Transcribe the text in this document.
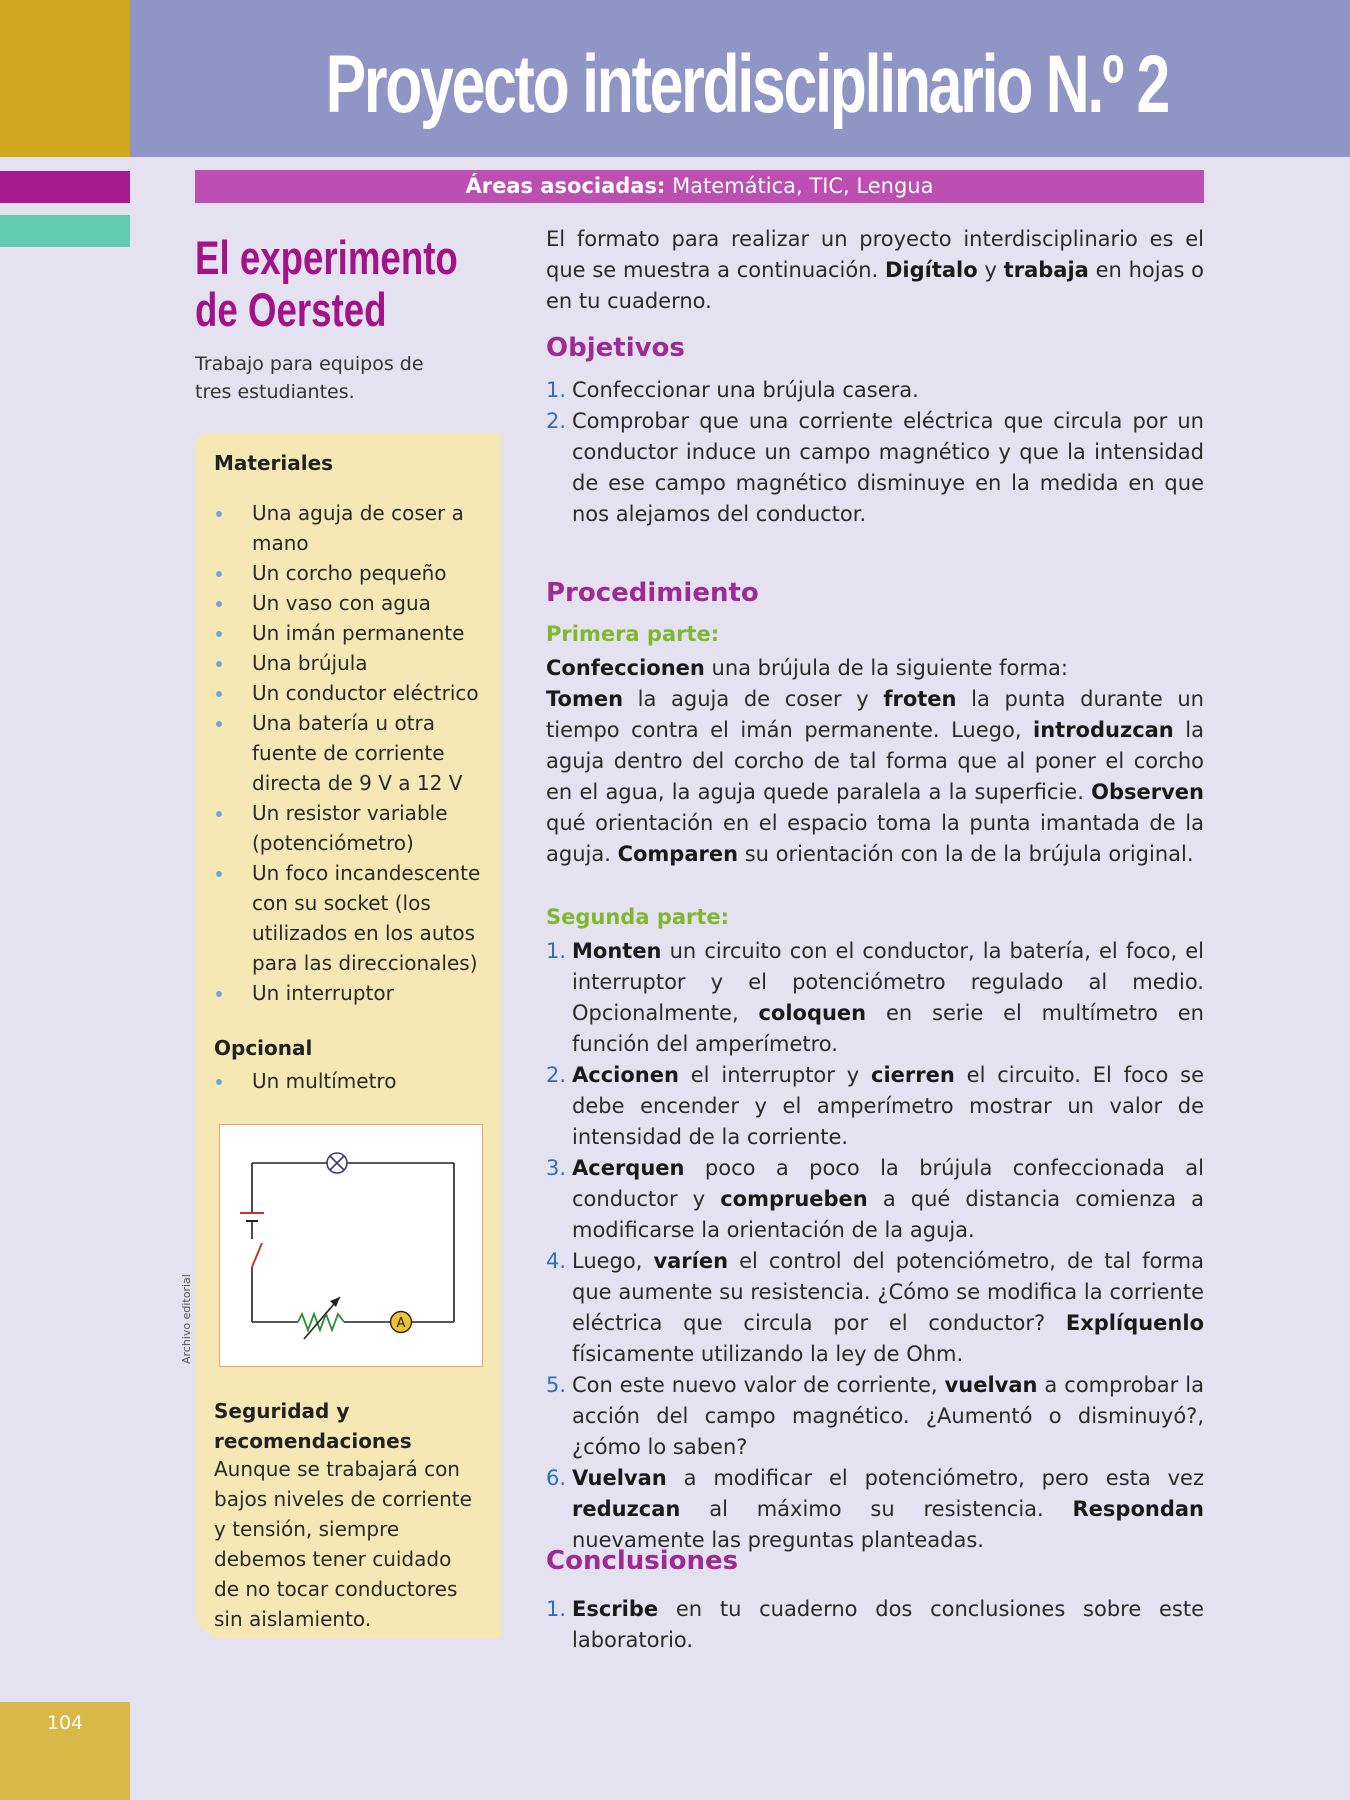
104
Proyecto interdisciplinario N.º 2
Áreas asociadas: Matemática, TIC, Lengua
El experimento
de Oersted
Trabajo para equipos de tres estudiantes.
Materiales
Una aguja de coser a mano
Un corcho pequeño
Un vaso con agua
Un imán permanente
Una brújula
Un conductor eléctrico
Una batería u otra fuente de corriente directa de 9 V a 12 V
Un resistor variable (potenciómetro)
Un foco incandescente con su socket (los utilizados en los autos para las direccionales)
Un interruptor
Opcional
Un multímetro
A
Archivo editorial
Seguridad y recomendaciones
Aunque se trabajará con bajos niveles de corriente y tensión, siempre debemos tener cuidado de no tocar conductores sin aislamiento.
El formato para realizar un proyecto interdisciplinario es el que se muestra a continuación. Digítalo y trabaja en hojas o en tu cuaderno.
Objetivos
1. Confeccionar una brújula casera.
2. Comprobar que una corriente eléctrica que circula por un conductor induce un campo magnético y que la intensidad de ese campo magnético disminuye en la medida en que nos alejamos del conductor.
Procedimiento
Primera parte:
Confeccionen una brújula de la siguiente forma:
Tomen la aguja de coser y froten la punta durante un tiempo contra el imán permanente. Luego, introduzcan la aguja dentro del corcho de tal forma que al poner el corcho en el agua, la aguja quede paralela a la superficie. Observen qué orientación en el espacio toma la punta imantada de la aguja. Comparen su orientación con la de la brújula original.
Segunda parte:
1. Monten un circuito con el conductor, la batería, el foco, el interruptor y el potenciómetro regulado al medio. Opcionalmente, coloquen en serie el multímetro en función del amperímetro.
2. Accionen el interruptor y cierren el circuito. El foco se debe encender y el amperímetro mostrar un valor de intensidad de la corriente.
3. Acerquen poco a poco la brújula confeccionada al conductor y comprueben a qué distancia comienza a modificarse la orientación de la aguja.
4. Luego, varíen el control del potenciómetro, de tal forma que aumente su resistencia. ¿Cómo se modifica la corriente eléctrica que circula por el conductor? Explíquenlo físicamente utilizando la ley de Ohm.
5. Con este nuevo valor de corriente, vuelvan a comprobar la acción del campo magnético. ¿Aumentó o disminuyó?, ¿cómo lo saben?
6. Vuelvan a modificar el potenciómetro, pero esta vez reduzcan al máximo su resistencia. Respondan nuevamente las preguntas planteadas.
Conclusiones
1. Escribe en tu cuaderno dos conclusiones sobre este laboratorio.
